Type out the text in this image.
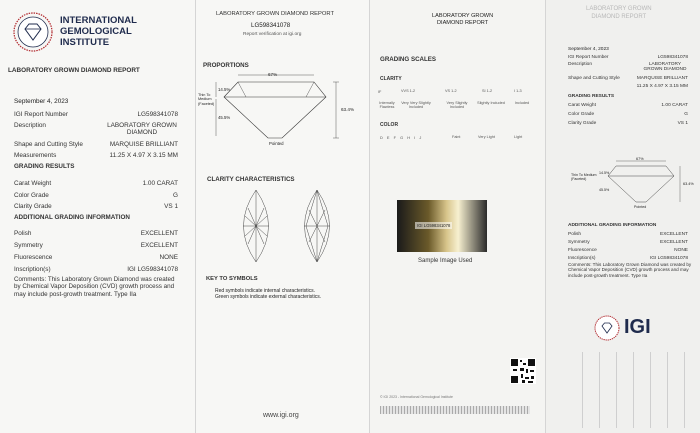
INTERNATIONAL
GEMOLOGICAL
INSTITUTE
LABORATORY GROWN DIAMOND REPORT
September 4, 2023
IGI Report Number	LG598341078
Description	LABORATORY GROWN DIAMOND
Shape and Cutting Style	MARQUISE BRILLIANT
Measurements	11.25 X 4.97 X 3.15 MM
GRADING RESULTS
Carat Weight	1.00 CARAT
Color Grade	G
Clarity Grade	VS 1
ADDITIONAL GRADING INFORMATION
Polish	EXCELLENT
Symmetry	EXCELLENT
Fluorescence	NONE
Inscription(s)	IGI LG598341078
Comments: This Laboratory Grown Diamond was created by Chemical Vapor Deposition (CVD) growth process and may include post-growth treatment. Type IIa
LABORATORY GROWN DIAMOND REPORT
LG598341078
Report verification at igi.org
PROPORTIONS
67%
14.5%
Thin To Medium (Faceted)
45.5%
63.4%
Pointed
CLARITY CHARACTERISTICS
KEY TO SYMBOLS
Red symbols indicate internal characteristics.
Green symbols indicate external characteristics.
www.igi.org
LABORATORY GROWN
DIAMOND REPORT
GRADING SCALES
CLARITY
IF	VVS 1-2	VS 1-2	SI 1-2	I 1-3
Internally Flawless
Very Very Slightly Included
Very Slightly Included
Slightly Included	Included
COLOR
D E F G H I J	Faint	Very Light	Light
IGI LG598341078
Sample Image Used
© IGI 2023 - International Gemological Institute
LABORATORY GROWN
DIAMOND REPORT
September 4, 2023
IGI Report Number	LG598341078
Description	LABORATORY GROWN DIAMOND
Shape and Cutting Style	MARQUISE BRILLIANT
11.25 X 4.97 X 3.15 MM
GRADING RESULTS
Carat Weight	1.00 CARAT
Color Grade	G
Clarity Grade	VS 1
67%
14.5%
Thin To Medium (Faceted)
45.5%
63.4%
Pointed
ADDITIONAL GRADING INFORMATION
Polish	EXCELLENT
Symmetry	EXCELLENT
Fluorescence	NONE
Inscription(s)	IGI LG598341078
Comments: This Laboratory Grown Diamond was created by Chemical Vapor Deposition (CVD) growth process and may include post-growth treatment. Type IIa
IGI
